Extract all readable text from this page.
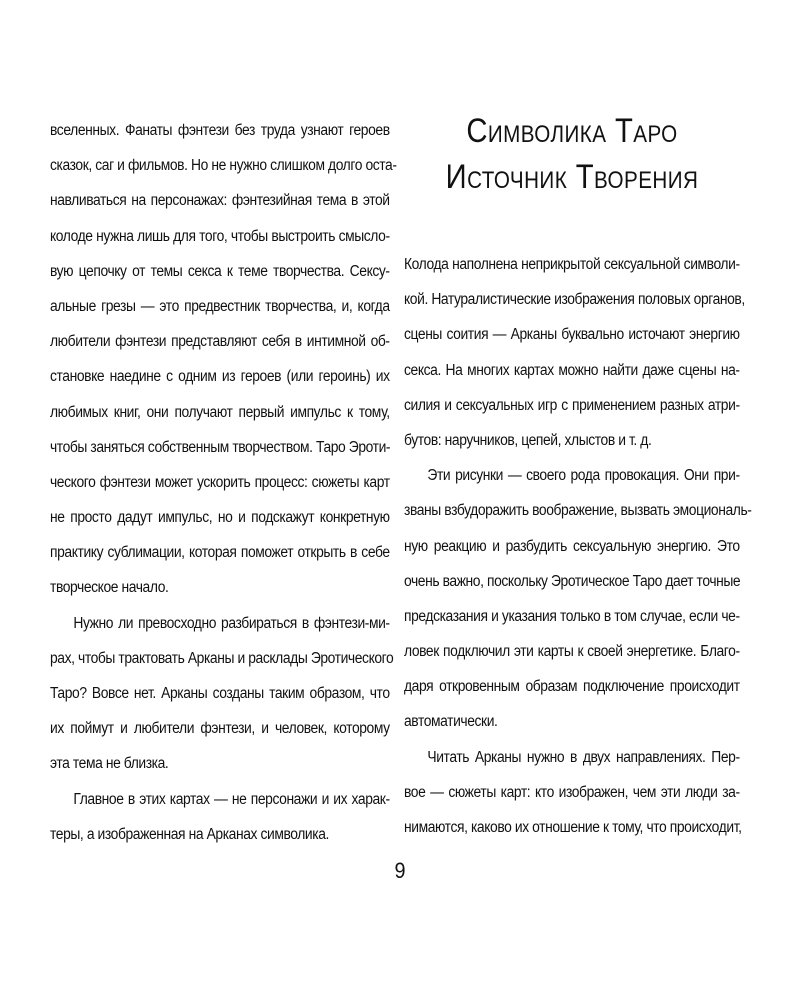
вселенных. Фанаты фэнтези без труда узнают героев
сказок, саг и фильмов. Но не нужно слишком долго оста-
навливаться на персонажах: фэнтезийная тема в этой
колоде нужна лишь для того, чтобы выстроить смысло-
вую цепочку от темы секса к теме творчества. Сексу-
альные грезы — это предвестник творчества, и, когда
любители фэнтези представляют себя в интимной об-
становке наедине с одним из героев (или героинь) их
любимых книг, они получают первый импульс к тому,
чтобы заняться собственным творчеством. Таро Эроти-
ческого фэнтези может ускорить процесс: сюжеты карт
не просто дадут импульс, но и подскажут конкретную
практику сублимации, которая поможет открыть в себе
творческое начало.
Нужно ли превосходно разбираться в фэнтези-ми-
рах, чтобы трактовать Арканы и расклады Эротического
Таро? Вовсе нет. Арканы созданы таким образом, что
их поймут и любители фэнтези, и человек, которому
эта тема не близка.
Главное в этих картах — не персонажи и их харак-
теры, а изображенная на Арканах символика.
Символика Таро
Источник Творения
Колода наполнена неприкрытой сексуальной символи-
кой. Натуралистические изображения половых органов,
сцены соития — Арканы буквально источают энергию
секса. На многих картах можно найти даже сцены на-
силия и сексуальных игр с применением разных атри-
бутов: наручников, цепей, хлыстов и т. д.
Эти рисунки — своего рода провокация. Они при-
званы взбудоражить воображение, вызвать эмоциональ-
ную реакцию и разбудить сексуальную энергию. Это
очень важно, поскольку Эротическое Таро дает точные
предсказания и указания только в том случае, если че-
ловек подключил эти карты к своей энергетике. Благо-
даря откровенным образам подключение происходит
автоматически.
Читать Арканы нужно в двух направлениях. Пер-
вое — сюжеты карт: кто изображен, чем эти люди за-
нимаются, каково их отношение к тому, что происходит,
9
